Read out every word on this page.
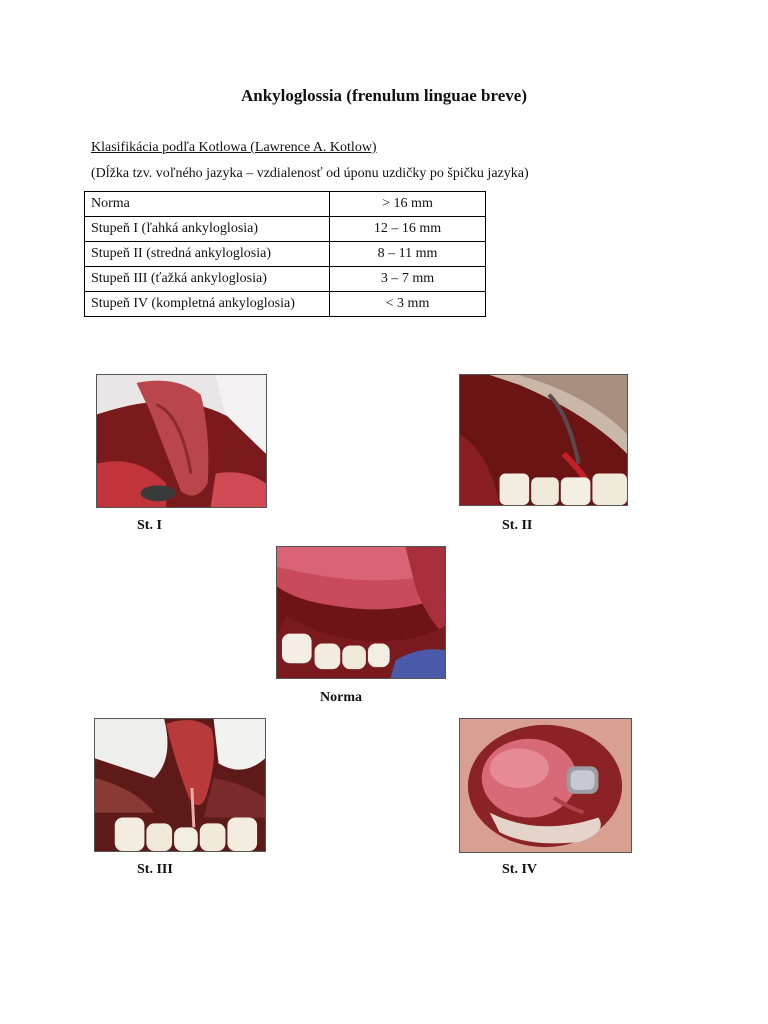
Ankyloglossia (frenulum linguae breve)
Klasifikácia podľa Kotlowa (Lawrence A. Kotlow)
(Dĺžka tzv. voľného jazyka – vzdialenosť od úponu uzdičky po špičku jazyka)
Norma	> 16 mm
Stupeň I (ľahká ankyloglosia)	12 – 16 mm
Stupeň II (stredná ankyloglosia)	8 – 11 mm
Stupeň III (ťažká ankyloglosia)	3 – 7 mm
Stupeň IV (kompletná ankyloglosia)	< 3 mm
St. I	St. II
Norma
St. III	St. IV
